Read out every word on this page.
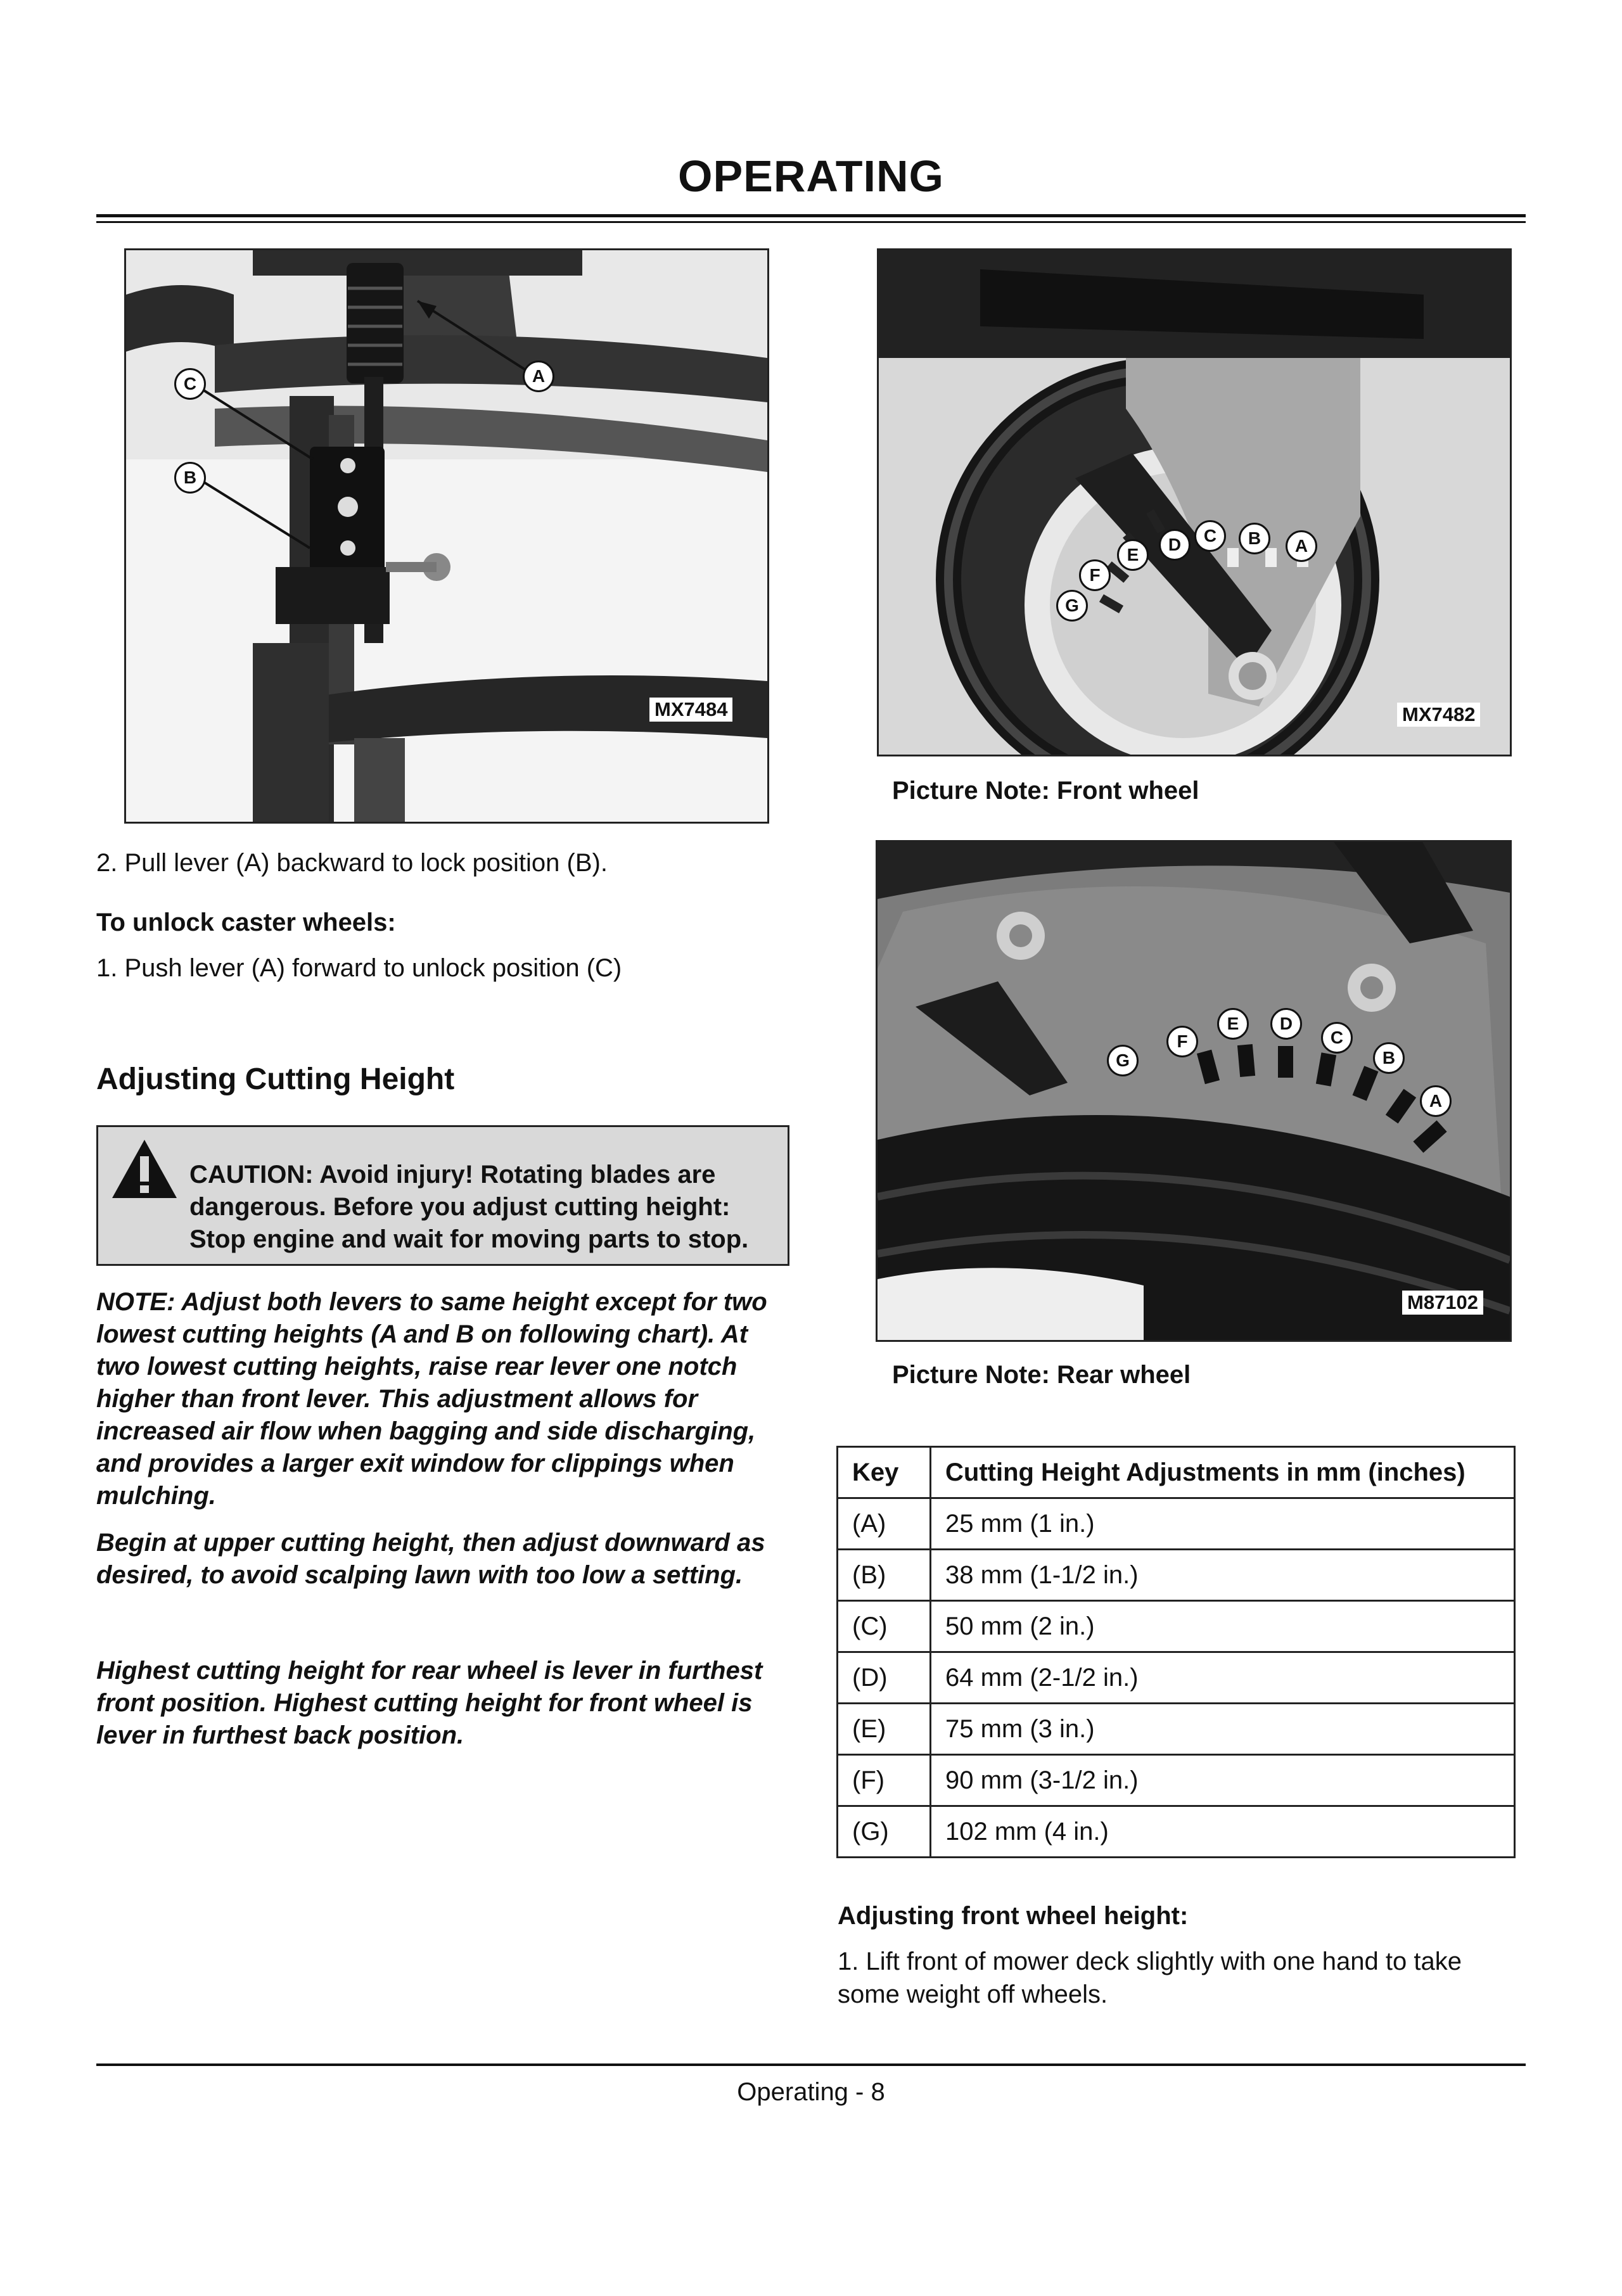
OPERATING
C	A
B
MX7484
D	C	B	A
E
F
G
MX7482
Picture Note: Front wheel
E	D
F	C
G	B
A
M87102
Picture Note: Rear wheel
2. Pull lever (A) backward to lock position (B).
To unlock caster wheels:
1. Push lever (A) forward to unlock position (C)
Adjusting Cutting Height
CAUTION: Avoid injury! Rotating blades are dangerous. Before you adjust cutting height: Stop engine and wait for moving parts to stop.
NOTE: Adjust both levers to same height except for two lowest cutting heights (A and B on following chart). At two lowest cutting heights, raise rear lever one notch higher than front lever. This adjustment allows for increased air flow when bagging and side discharging, and provides a larger exit window for clippings when mulching.
Begin at upper cutting height, then adjust downward as desired, to avoid scalping lawn with too low a setting.
Highest cutting height for rear wheel is lever in furthest front position. Highest cutting height for front wheel is lever in furthest back position.
Key	Cutting Height Adjustments in mm (inches)
(A)	25 mm (1 in.)
(B)	38 mm (1-1/2 in.)
(C)	50 mm (2 in.)
(D)	64 mm (2-1/2 in.)
(E)	75 mm (3 in.)
(F)	90 mm (3-1/2 in.)
(G)	102 mm (4 in.)
Adjusting front wheel height:
1. Lift front of mower deck slightly with one hand to take some weight off wheels.
Operating - 8
